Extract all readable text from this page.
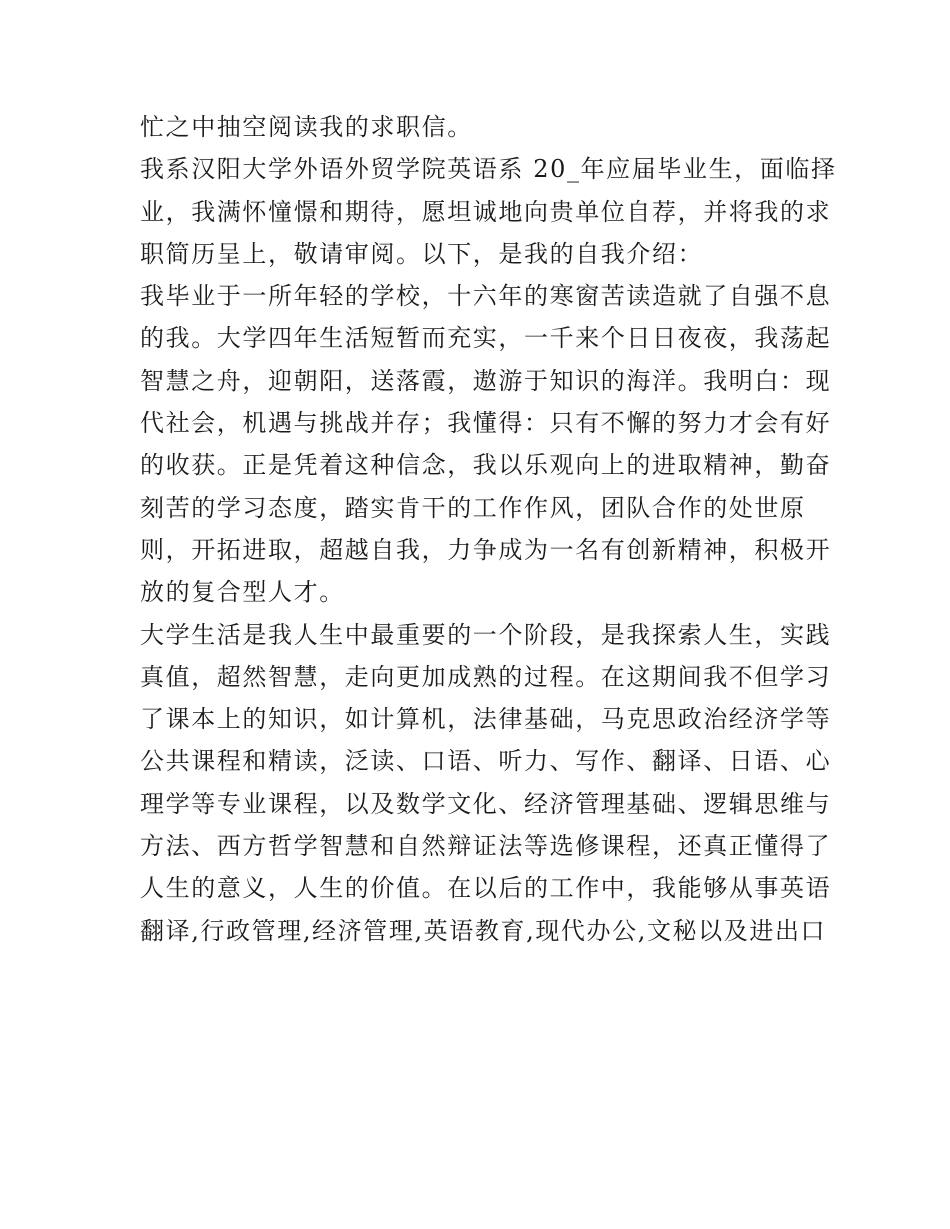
忙之中抽空阅读我的求职信。
我系汉阳大学外语外贸学院英语系 20_年应届毕业生，面临择
业，我满怀憧憬和期待，愿坦诚地向贵单位自荐，并将我的求
职简历呈上，敬请审阅。以下，是我的自我介绍：
我毕业于一所年轻的学校，十六年的寒窗苦读造就了自强不息
的我。大学四年生活短暂而充实，一千来个日日夜夜，我荡起
智慧之舟，迎朝阳，送落霞，遨游于知识的海洋。我明白：现
代社会，机遇与挑战并存；我懂得：只有不懈的努力才会有好
的收获。正是凭着这种信念，我以乐观向上的进取精神，勤奋
刻苦的学习态度，踏实肯干的工作作风，团队合作的处世原
则，开拓进取，超越自我，力争成为一名有创新精神，积极开
放的复合型人才。
大学生活是我人生中最重要的一个阶段，是我探索人生，实践
真值，超然智慧，走向更加成熟的过程。在这期间我不但学习
了课本上的知识，如计算机，法律基础，马克思政治经济学等
公共课程和精读，泛读、口语、听力、写作、翻译、日语、心
理学等专业课程，以及数学文化、经济管理基础、逻辑思维与
方法、西方哲学智慧和自然辩证法等选修课程，还真正懂得了
人生的意义，人生的价值。在以后的工作中，我能够从事英语
翻译,行政管理,经济管理,英语教育,现代办公,文秘以及进出口
